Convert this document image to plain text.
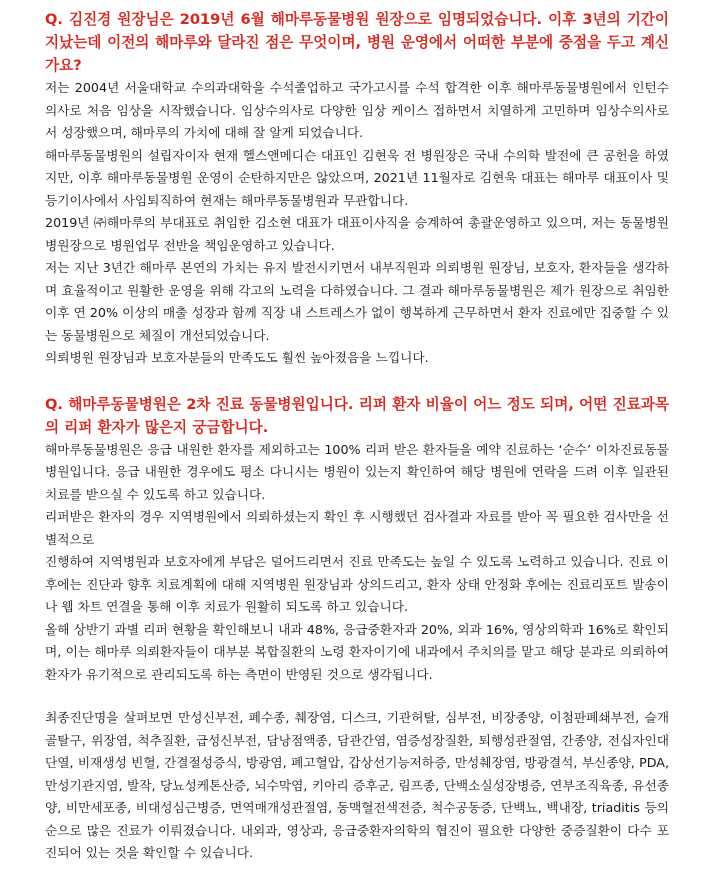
Q. 김진경 원장님은 2019년 6월 해마루동물병원 원장으로 임명되었습니다. 이후 3년의 기간이 지났는데 이전의 해마루와 달라진 점은 무엇이며, 병원 운영에서 어떠한 부분에 중점을 두고 계신가요?

저는 2004년 서울대학교 수의과대학을 수석졸업하고 국가고시를 수석 합격한 이후 해마루동물병원에서 인턴수의사로 처음 임상을 시작했습니다. 임상수의사로 다양한 임상 케이스 접하면서 치열하게 고민하며 임상수의사로서 성장했으며, 해마루의 가치에 대해 잘 알게 되었습니다.

해마루동물병원의 설립자이자 현재 헬스앤메디슨 대표인 김현욱 전 병원장은 국내 수의학 발전에 큰 공헌을 하였지만, 이후 해마루동물병원 운영이 순탄하지만은 않았으며, 2021년 11월자로 김현욱 대표는 해마루 대표이사 및 등기이사에서 사임퇴직하여 현재는 해마루동물병원과 무관합니다.

2019년 ㈜해마루의 부대표로 취임한 김소현 대표가 대표이사직을 승계하여 총괄운영하고 있으며, 저는 동물병원 병원장으로 병원업무 전반을 책임운영하고 있습니다.

저는 지난 3년간 해마루 본연의 가치는 유지 발전시키면서 내부직원과 의뢰병원 원장님, 보호자, 환자들을 생각하며 효율적이고 원활한 운영을 위해 각고의 노력을 다하였습니다. 그 결과 해마루동물병원은 제가 원장으로 취임한 이후 연 20% 이상의 매출 성장과 함께 직장 내 스트레스가 없이 행복하게 근무하면서 환자 진료에만 집중할 수 있는 동물병원으로 체질이 개선되었습니다.

의뢰병원 원장님과 보호자분들의 만족도도 훨씬 높아졌음을 느낍니다.

Q. 해마루동물병원은 2차 진료 동물병원입니다. 리퍼 환자 비율이 어느 정도 되며, 어떤 진료과목의 리퍼 환자가 많은지 궁금합니다.

해마루동물병원은 응급 내원한 환자를 제외하고는 100% 리퍼 받은 환자들을 예약 진료하는 ‘순수’ 이차진료동물병원입니다. 응급 내원한 경우에도 평소 다니시는 병원이 있는지 확인하여 해당 병원에 연락을 드려 이후 일관된 치료를 받으실 수 있도록 하고 있습니다.

리퍼받은 환자의 경우 지역병원에서 의뢰하셨는지 확인 후 시행했던 검사결과 자료를 받아 꼭 필요한 검사만을 선별적으로

진행하여 지역병원과 보호자에게 부담은 덜어드리면서 진료 만족도는 높일 수 있도록 노력하고 있습니다. 진료 이후에는 진단과 향후 치료계획에 대해 지역병원 원장님과 상의드리고, 환자 상태 안정화 후에는 진료리포트 발송이나 웹 차트 연결을 통해 이후 치료가 원활히 되도록 하고 있습니다.

올해 상반기 과별 리퍼 현황을 확인해보니 내과 48%, 응급중환자과 20%, 외과 16%, 영상의학과 16%로 확인되며, 이는 해마루 의뢰환자들이 대부분 복합질환의 노령 환자이기에 내과에서 주치의를 맡고 해당 분과로 의뢰하여 환자가 유기적으로 관리되도록 하는 측면이 반영된 것으로 생각됩니다.

최종진단명을 살펴보면 만성신부전, 폐수종, 췌장염, 디스크, 기관허탈, 심부전, 비장종양, 이첨판폐쇄부전, 슬개골탈구, 위장염, 척추질환, 급성신부전, 담낭점액종, 담관간염, 염증성장질환, 퇴행성관절염, 간종양, 전십자인대단열, 비재생성 빈혈, 간결절성증식, 방광염, 폐고혈압, 갑상선기능저하증, 만성췌장염, 방광결석, 부신종양, PDA, 만성기관지염, 발작, 당뇨성케톤산증, 뇌수막염, 키아리 증후군, 림프종, 단백소실성장병증, 연부조직육종, 유선종양, 비만세포종, 비대성심근병증, 면역매개성관절염, 동맥혈전색전증, 척수공동증, 단백뇨, 백내장, triaditis 등의 순으로 많은 진료가 이뤄졌습니다. 내외과, 영상과, 응급중환자의학의 협진이 필요한 다양한 중증질환이 다수 포진되어 있는 것을 확인할 수 있습니다.
